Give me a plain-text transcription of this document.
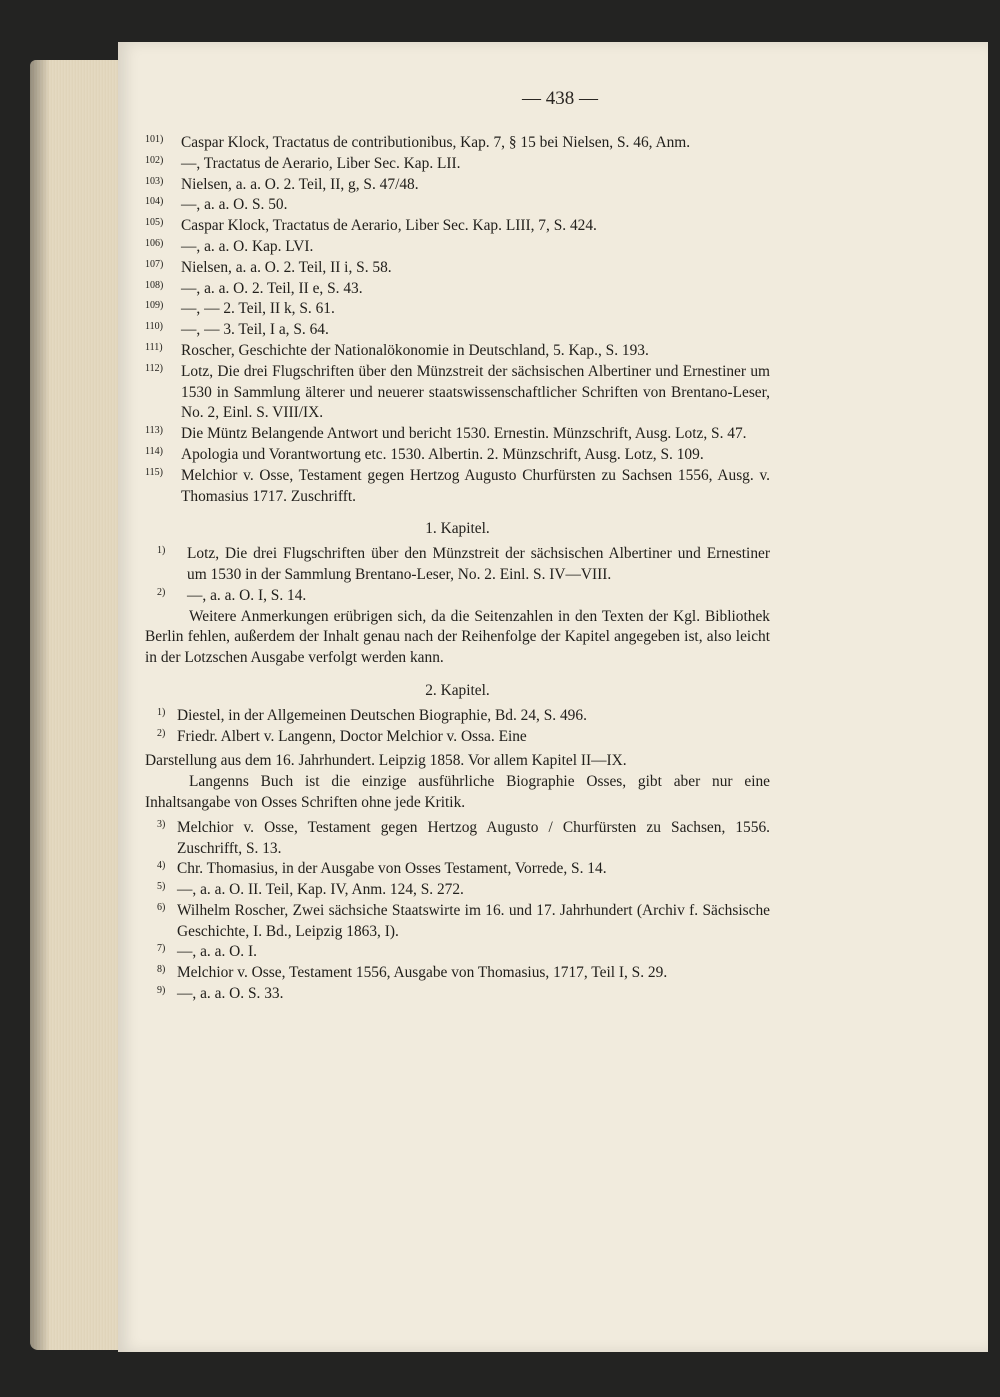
— 438 —

101) Caspar Klock, Tractatus de contributionibus, Kap. 7, § 15 bei Nielsen, S. 46, Anm.

102) —, Tractatus de Aerario, Liber Sec. Kap. LII.

103) Nielsen, a. a. O. 2. Teil, II, g, S. 47/48.

104) —, a. a. O. S. 50.

105) Caspar Klock, Tractatus de Aerario, Liber Sec. Kap. LIII, 7, S. 424.

106) —, a. a. O. Kap. LVI.

107) Nielsen, a. a. O. 2. Teil, II i, S. 58.

108) —, a. a. O. 2. Teil, II e, S. 43.

109) —, — 2. Teil, II k, S. 61.

110) —, — 3. Teil, I a, S. 64.

111) Roscher, Geschichte der Nationalökonomie in Deutschland, 5. Kap., S. 193.

112) Lotz, Die drei Flugschriften über den Münzstreit der sächsischen Albertiner und Ernestiner um 1530 in Sammlung älterer und neuerer staatswissenschaftlicher Schriften von Brentano-Leser, No. 2, Einl. S. VIII/IX.

113) Die Müntz Belangende Antwort und bericht 1530. Ernestin. Münzschrift, Ausg. Lotz, S. 47.

114) Apologia und Vorantwortung etc. 1530. Albertin. 2. Münzschrift, Ausg. Lotz, S. 109.

115) Melchior v. Osse, Testament gegen Hertzog Augusto Churfürsten zu Sachsen 1556, Ausg. v. Thomasius 1717. Zuschrifft.

1. Kapitel.

1) Lotz, Die drei Flugschriften über den Münzstreit der sächsischen Albertiner und Ernestiner um 1530 in der Sammlung Brentano-Leser, No. 2. Einl. S. IV—VIII.

2) —, a. a. O. I, S. 14.

Weitere Anmerkungen erübrigen sich, da die Seitenzahlen in den Texten der Kgl. Bibliothek Berlin fehlen, außerdem der Inhalt genau nach der Reihenfolge der Kapitel angegeben ist, also leicht in der Lotzschen Ausgabe verfolgt werden kann.

2. Kapitel.

1) Diestel, in der Allgemeinen Deutschen Biographie, Bd. 24, S. 496.

2) Friedr. Albert v. Langenn, Doctor Melchior v. Ossa. Eine

Darstellung aus dem 16. Jahrhundert. Leipzig 1858. Vor allem Kapitel II—IX.

Langenns Buch ist die einzige ausführliche Biographie Osses, gibt aber nur eine Inhaltsangabe von Osses Schriften ohne jede Kritik.

3) Melchior v. Osse, Testament gegen Hertzog Augusto / Churfürsten zu Sachsen, 1556. Zuschrifft, S. 13.

4) Chr. Thomasius, in der Ausgabe von Osses Testament, Vorrede, S. 14.

5) —, a. a. O. II. Teil, Kap. IV, Anm. 124, S. 272.

6) Wilhelm Roscher, Zwei sächsiche Staatswirte im 16. und 17. Jahrhundert (Archiv f. Sächsische Geschichte, I. Bd., Leipzig 1863, I).

7) —, a. a. O. I.

8) Melchior v. Osse, Testament 1556, Ausgabe von Thomasius, 1717, Teil I, S. 29.

9) —, a. a. O. S. 33.
